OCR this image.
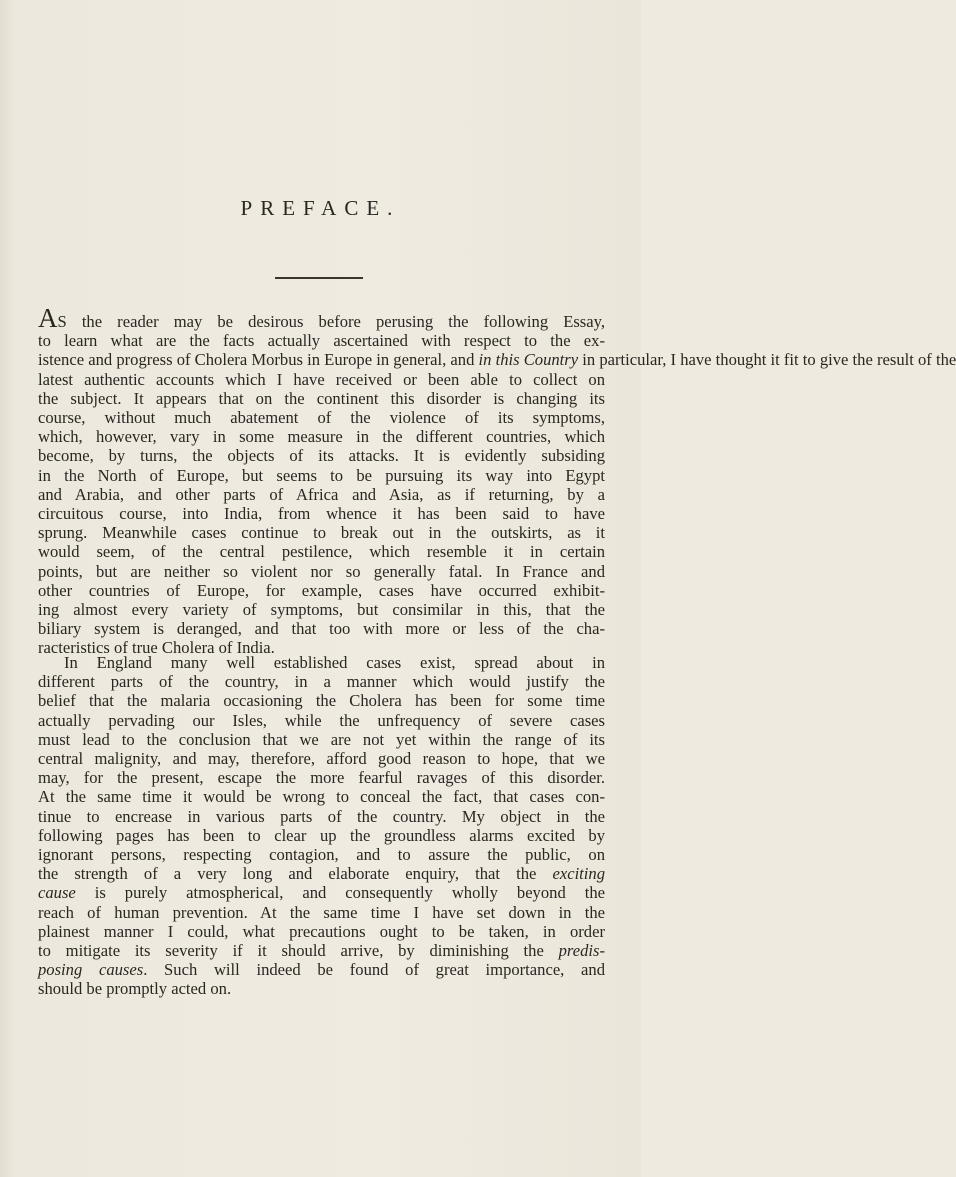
PREFACE.
AS the reader may be desirous before perusing the following Essay,
to learn what are the facts actually ascertained with respect to the ex-
istence and progress of Cholera Morbus in Europe in general, and in this Country in particular, I have thought it fit to give the result of the
latest authentic accounts which I have received or been able to collect on
the subject. It appears that on the continent this disorder is changing its
course, without much abatement of the violence of its symptoms,
which, however, vary in some measure in the different countries, which
become, by turns, the objects of its attacks. It is evidently subsiding
in the North of Europe, but seems to be pursuing its way into Egypt
and Arabia, and other parts of Africa and Asia, as if returning, by a
circuitous course, into India, from whence it has been said to have
sprung. Meanwhile cases continue to break out in the outskirts, as it
would seem, of the central pestilence, which resemble it in certain
points, but are neither so violent nor so generally fatal. In France and
other countries of Europe, for example, cases have occurred exhibit-
ing almost every variety of symptoms, but consimilar in this, that the
biliary system is deranged, and that too with more or less of the cha-
racteristics of true Cholera of India.
In England many well established cases exist, spread about in
different parts of the country, in a manner which would justify the
belief that the malaria occasioning the Cholera has been for some time
actually pervading our Isles, while the unfrequency of severe cases
must lead to the conclusion that we are not yet within the range of its
central malignity, and may, therefore, afford good reason to hope, that we
may, for the present, escape the more fearful ravages of this disorder.
At the same time it would be wrong to conceal the fact, that cases con-
tinue to encrease in various parts of the country. My object in the
following pages has been to clear up the groundless alarms excited by
ignorant persons, respecting contagion, and to assure the public, on
the strength of a very long and elaborate enquiry, that the exciting
cause is purely atmospherical, and consequently wholly beyond the
reach of human prevention. At the same time I have set down in the
plainest manner I could, what precautions ought to be taken, in order
to mitigate its severity if it should arrive, by diminishing the predis-
posing causes. Such will indeed be found of great importance, and
should be promptly acted on.
